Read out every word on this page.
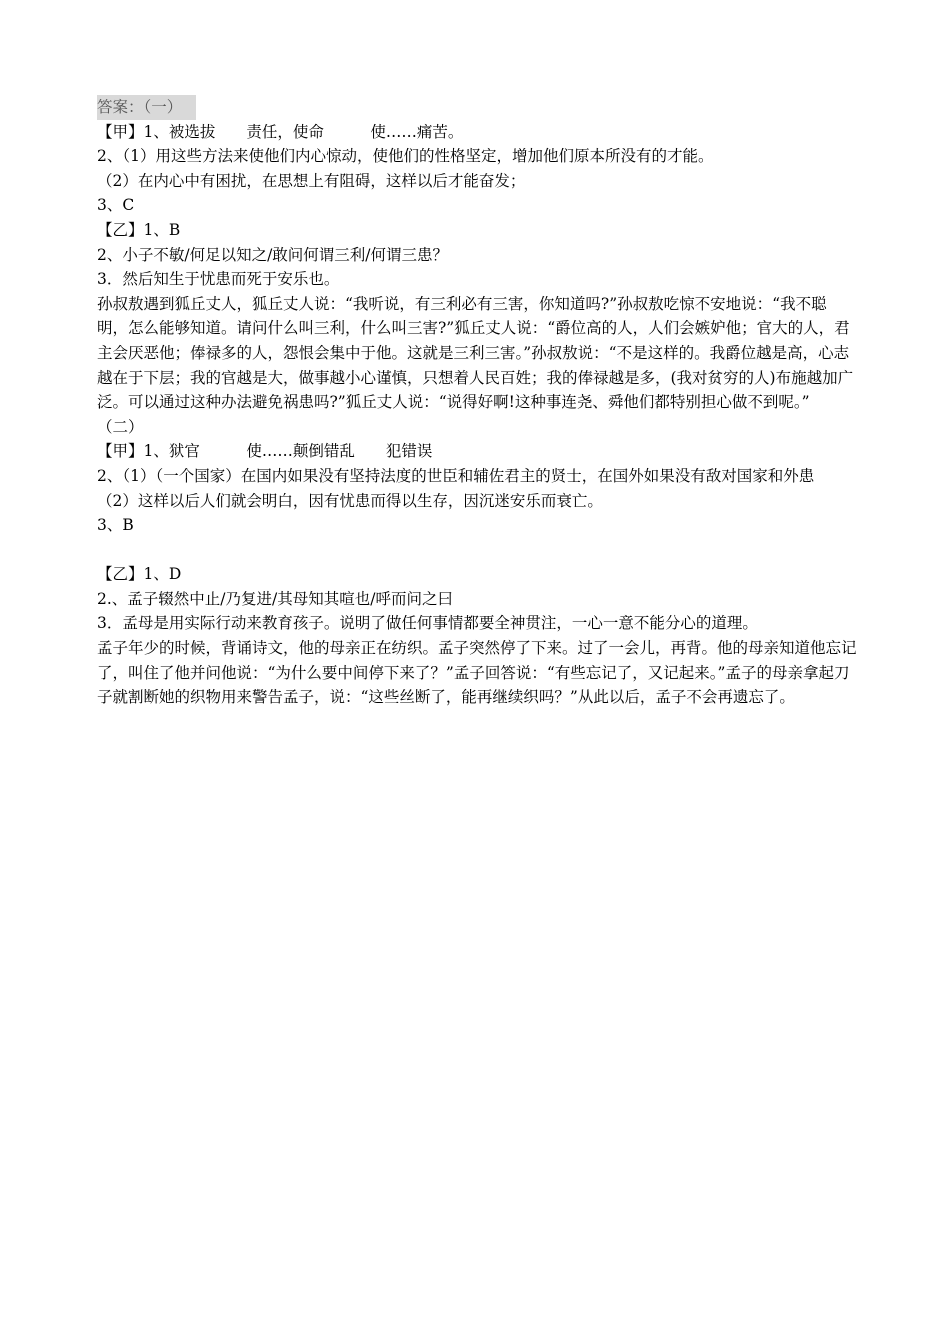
答案：（一）

【甲】1、被选拔　　责任，使命　　　使……痛苦。

2、（1）用这些方法来使他们内心惊动，使他们的性格坚定，增加他们原本所没有的才能。

（2）在内心中有困扰，在思想上有阻碍，这样以后才能奋发；

3、C

【乙】1、B

2、小子不敏/何足以知之/敢问何谓三利/何谓三患？

3．然后知生于忧患而死于安乐也。

孙叔敖遇到狐丘丈人，狐丘丈人说：“我听说，有三利必有三害，你知道吗?”孙叔敖吃惊不安地说：“我不聪明，怎么能够知道。请问什么叫三利，什么叫三害?”狐丘丈人说：“爵位高的人，人们会嫉妒他；官大的人，君主会厌恶他；俸禄多的人，怨恨会集中于他。这就是三利三害。”孙叔敖说：“不是这样的。我爵位越是高，心志越在于下层；我的官越是大，做事越小心谨慎，只想着人民百姓；我的俸禄越是多，(我对贫穷的人)布施越加广泛。可以通过这种办法避免祸患吗?”狐丘丈人说：“说得好啊!这种事连尧、舜他们都特别担心做不到呢。”

（二）

【甲】1、狱官　　　使……颠倒错乱　　犯错误

2、（1）（一个国家）在国内如果没有坚持法度的世臣和辅佐君主的贤士，在国外如果没有敌对国家和外患

（2）这样以后人们就会明白，因有忧患而得以生存，因沉迷安乐而衰亡。

3、B

【乙】1、D

2.、孟子辍然中止/乃复进/其母知其喧也/呼而问之曰

3．孟母是用实际行动来教育孩子。说明了做任何事情都要全神贯注，一心一意不能分心的道理。

孟子年少的时候，背诵诗文，他的母亲正在纺织。孟子突然停了下来。过了一会儿，再背。他的母亲知道他忘记了，叫住了他并问他说：“为什么要中间停下来了？”孟子回答说：“有些忘记了，又记起来。”孟子的母亲拿起刀子就割断她的织物用来警告孟子，说：“这些丝断了，能再继续织吗？”从此以后，孟子不会再遗忘了。
